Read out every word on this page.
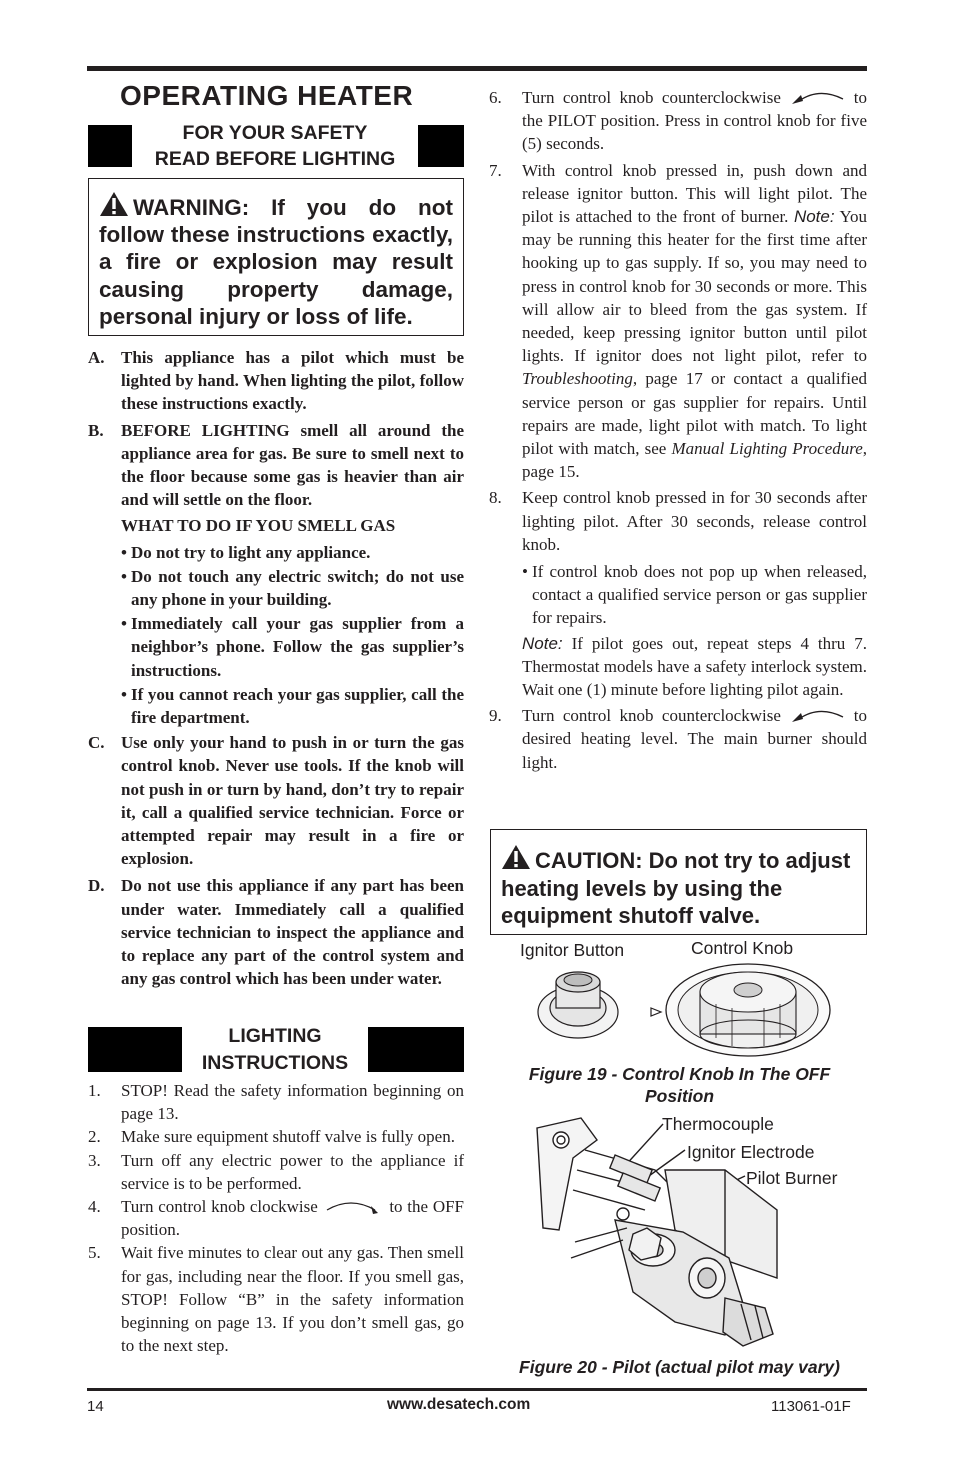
OPERATING HEATER
FOR YOUR SAFETY
READ BEFORE LIGHTING
WARNING: If you do not follow these instructions exactly, a fire or explosion may result causing property damage, personal injury or loss of life.
A. This appliance has a pilot which must be lighted by hand. When lighting the pilot, follow these instructions exactly.
B. BEFORE LIGHTING smell all around the appliance area for gas. Be sure to smell next to the floor because some gas is heavier than air and will settle on the floor.
WHAT TO DO IF YOU SMELL GAS
• Do not try to light any appliance.
• Do not touch any electric switch; do not use any phone in your building.
• Immediately call your gas supplier from a neighbor’s phone. Follow the gas supplier’s instructions.
• If you cannot reach your gas supplier, call the fire department.
C. Use only your hand to push in or turn the gas control knob. Never use tools. If the knob will not push in or turn by hand, don’t try to repair it, call a qualified service technician. Force or attempted repair may result in a fire or explosion.
D. Do not use this appliance if any part has been under water. Immediately call a qualified service technician to inspect the appliance and to replace any part of the control system and any gas control which has been under water.
LIGHTING
INSTRUCTIONS
1. STOP! Read the safety information beginning on page 13.
2. Make sure equipment shutoff valve is fully open.
3. Turn off any electric power to the appliance if service is to be performed.
4. Turn control knob clockwise	to the OFF position.
5. Wait five minutes to clear out any gas. Then smell for gas, including near the floor. If you smell gas, STOP! Follow “B” in the safety information beginning on page 13. If you don’t smell gas, go to the next step.
6. Turn control knob counterclockwise	to the PILOT position. Press in control knob for five (5) seconds.
7. With control knob pressed in, push down and release ignitor button. This will light pilot. The pilot is attached to the front of burner. Note: You may be running this heater for the first time after hooking up to gas supply. If so, you may need to press in control knob for 30 seconds or more. This will allow air to bleed from the gas system. If needed, keep pressing ignitor button until pilot lights. If ignitor does not light pilot, refer to Troubleshooting, page 17 or contact a qualified service person or gas supplier for repairs. Until repairs are made, light pilot with match. To light pilot with match, see Manual Lighting Procedure, page 15.
8. Keep control knob pressed in for 30 seconds after lighting pilot. After 30 seconds, release control knob.
• If control knob does not pop up when released, contact a qualified service person or gas supplier for repairs.
Note: If pilot goes out, repeat steps 4 thru 7. Thermostat models have a safety interlock system. Wait one (1) minute before lighting pilot again.
9. Turn control knob counterclockwise	to desired heating level. The main burner should light.
CAUTION: Do not try to adjust heating levels by using the equipment shutoff valve.
Ignitor Button	Control Knob
Figure 19 - Control Knob In The OFF Position
Thermocouple
Ignitor Electrode
Pilot Burner
Figure 20 - Pilot (actual pilot may vary)
14	www.desatech.com	113061-01F
